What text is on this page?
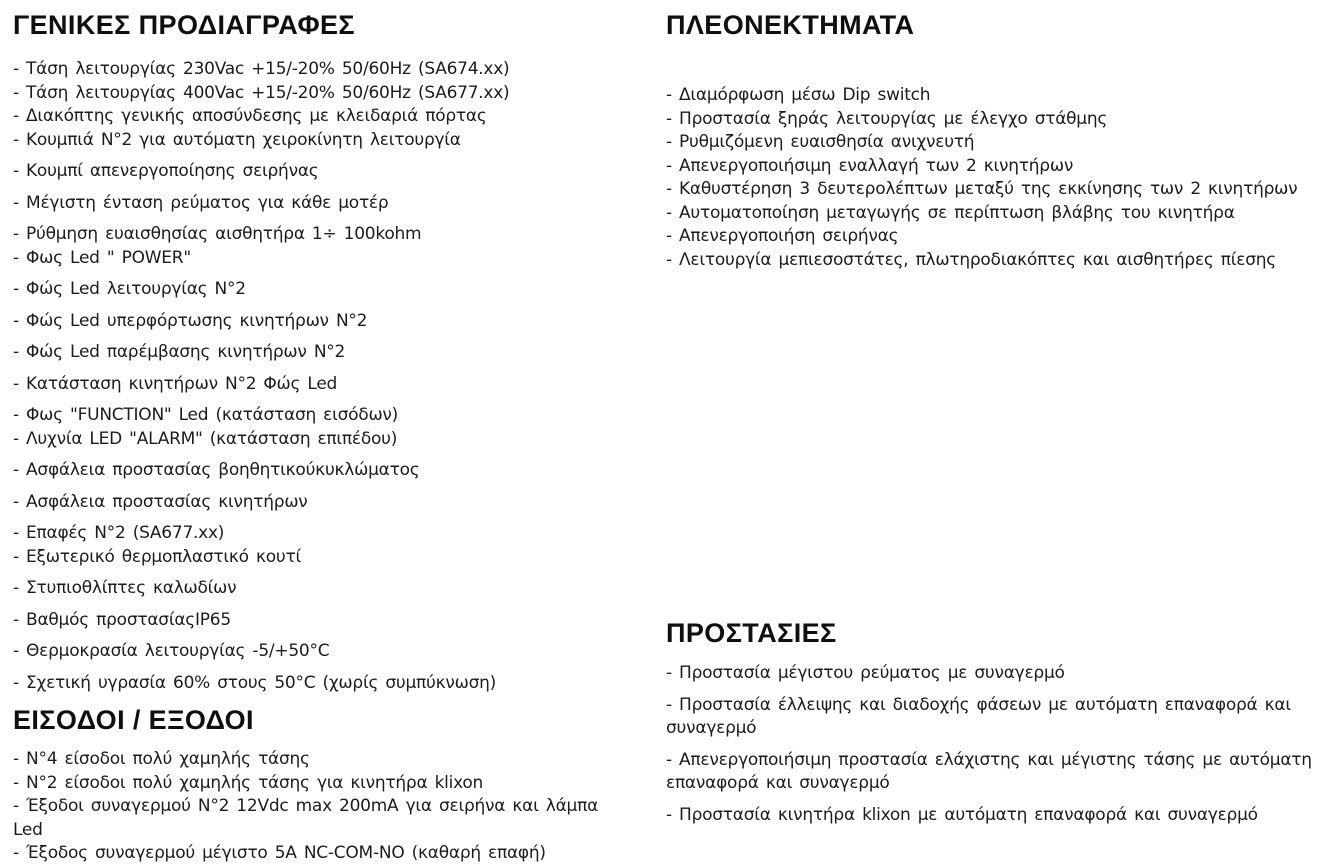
ΓΕΝΙΚΕΣ ΠΡΟΔΙΑΓΡΑΦΕΣ
- Τάση λειτουργίας 230Vac +15/-20% 50/60Hz (SA674.xx)
- Τάση λειτουργίας 400Vac +15/-20% 50/60Hz (SA677.xx)
- Διακόπτης γενικής αποσύνδεσης με κλειδαριά πόρτας
- Κουμπιά N°2 για αυτόματη χειροκίνητη λειτουργία
- Κουμπί απενεργοποίησης σειρήνας
- Μέγιστη ένταση ρεύματος για κάθε μοτέρ
- Ρύθμηση ευαισθησίας αισθητήρα 1÷ 100kohm
- Φως Led " POWER"
- Φώς Led λειτουργίας N°2
- Φώς Led υπερφόρτωσης κινητήρων N°2
- Φώς Led παρέμβασης κινητήρων N°2
- Κατάσταση κινητήρων N°2 Φώς Led
- Φως "FUNCTION" Led (κατάσταση εισόδων)
- Λυχνία LED "ALARM" (κατάσταση επιπέδου)
- Ασφάλεια προστασίας βοηθητικούκυκλώματος
- Ασφάλεια προστασίας κινητήρων
- Επαφές N°2 (SA677.xx)
- Εξωτερικό θερμοπλαστικό κουτί
- Στυπιοθλίπτες καλωδίων
- Βαθμός προστασίαςIP65
- Θερμοκρασία λειτουργίας -5/+50°C
- Σχετική υγρασία 60% στους 50°C (χωρίς συμπύκνωση)
ΕΙΣΟΔΟΙ / ΕΞΟΔΟΙ
- N°4 είσοδοι πολύ χαμηλής τάσης
- N°2 είσοδοι πολύ χαμηλής τάσης για κινητήρα klixon
- Έξοδοι συναγερμού N°2 12Vdc max 200mA για σειρήνα και λάμπα Led
- Έξοδος συναγερμού μέγιστο 5A NC-COM-NO (καθαρή επαφή)
ΠΛΕΟΝΕΚΤΗΜΑΤΑ
- Διαμόρφωση μέσω Dip switch
- Προστασία ξηράς λειτουργίας με έλεγχο στάθμης
- Ρυθμιζόμενη ευαισθησία ανιχνευτή
- Απενεργοποιήσιμη εναλλαγή των 2 κινητήρων
- Καθυστέρηση 3 δευτερολέπτων μεταξύ της εκκίνησης των 2 κινητήρων
- Αυτοματοποίηση μεταγωγής σε περίπτωση βλάβης του κινητήρα
- Απενεργοποιήση σειρήνας
- Λειτουργία μεπιεσοστάτες, πλωτηροδιακόπτες και αισθητήρες πίεσης
ΠΡΟΣΤΑΣΙΕΣ
- Προστασία μέγιστου ρεύματος με συναγερμό
- Προστασία έλλειψης και διαδοχής φάσεων με αυτόματη επαναφορά και συναγερμό
- Απενεργοποιήσιμη προστασία ελάχιστης και μέγιστης τάσης με αυτόματη επαναφορά και συναγερμό
- Προστασία κινητήρα klixon με αυτόματη επαναφορά και συναγερμό
